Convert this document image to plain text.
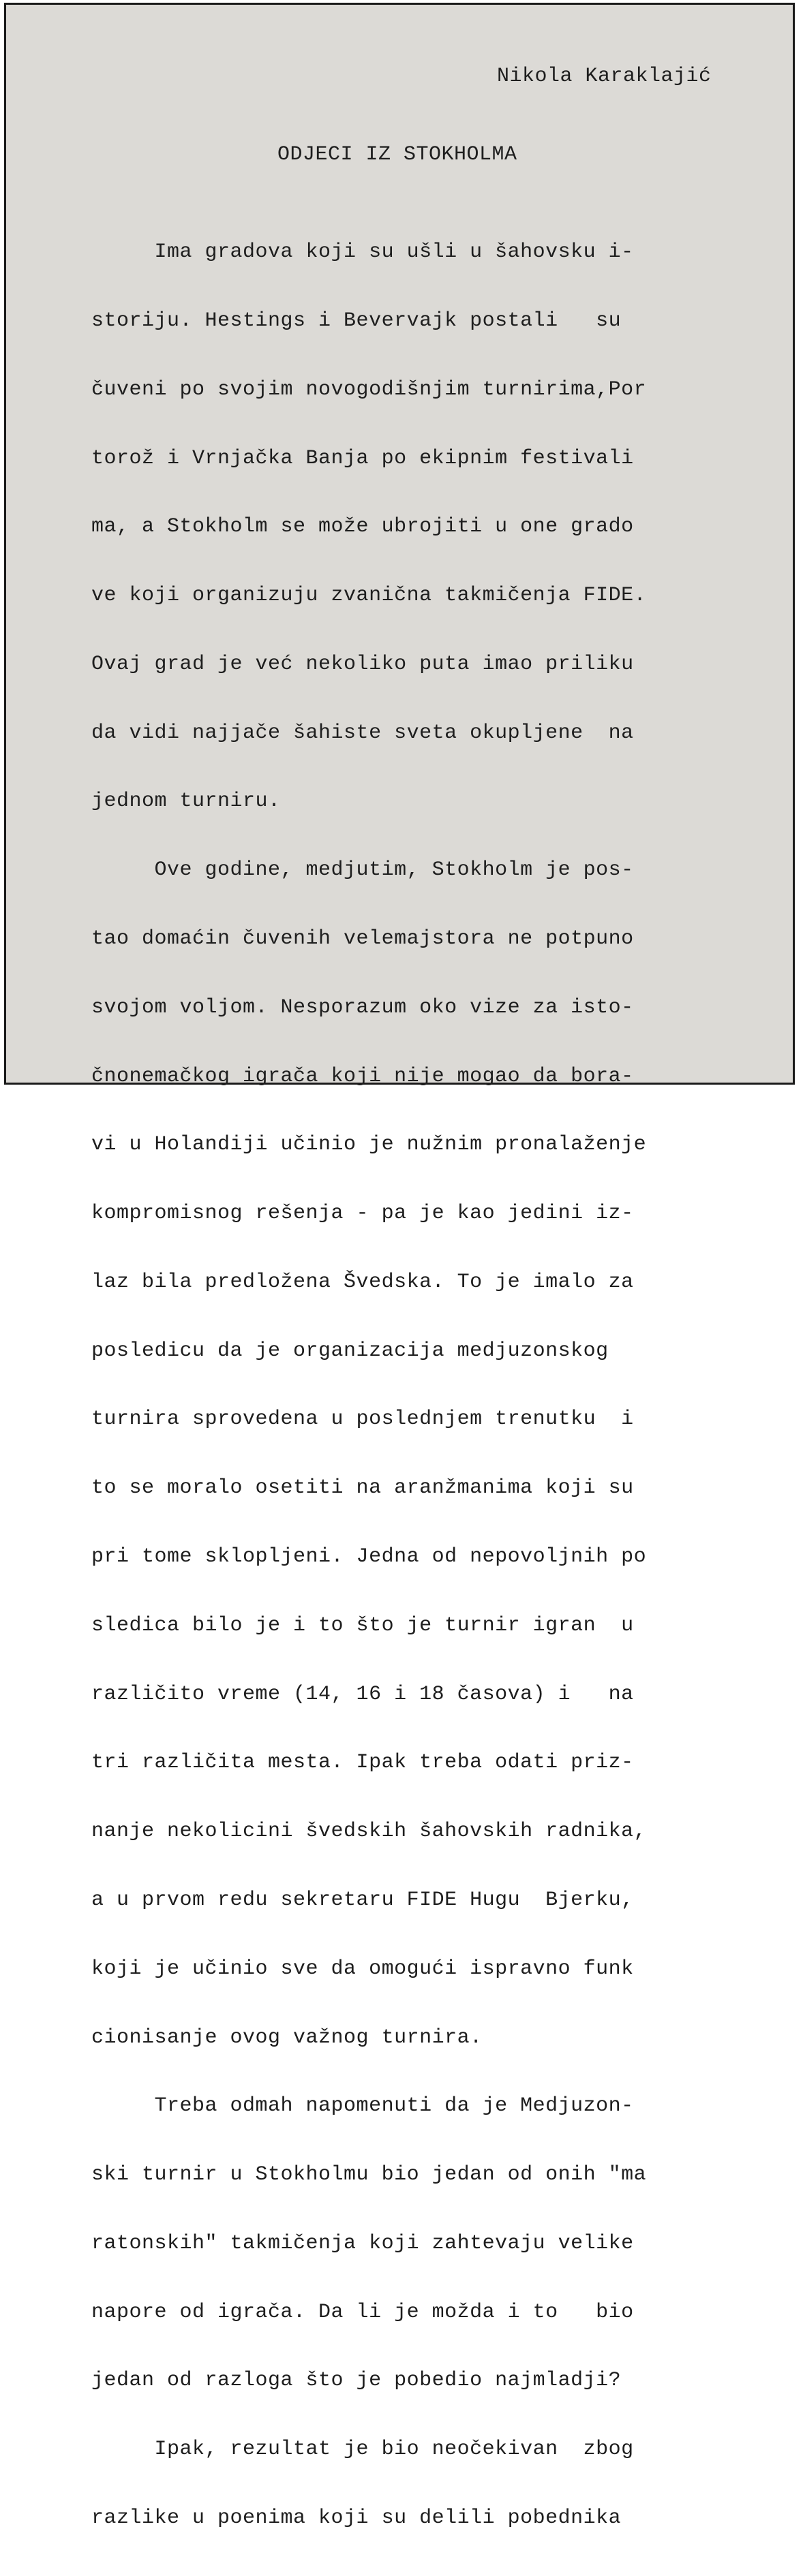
Nikola Karaklajić
ODJECI IZ STOKHOLMA

Ima gradova koji su ušli u šahovsku i-

storiju. Hestings i Bevervajk postali   su

čuveni po svojim novogodišnjim turnirima,Por

torož i Vrnjačka Banja po ekipnim festivali

ma, a Stokholm se može ubrojiti u one grado

ve koji organizuju zvanična takmičenja FIDE.

Ovaj grad je već nekoliko puta imao priliku

da vidi najjače šahiste sveta okupljene  na

jednom turniru.

Ove godine, medjutim, Stokholm je pos-

tao domaćin čuvenih velemajstora ne potpuno

svojom voljom. Nesporazum oko vize za isto-

čnonemačkog igrača koji nije mogao da bora-

vi u Holandiji učinio je nužnim pronalaženje

kompromisnog rešenja - pa je kao jedini iz-

laz bila predložena Švedska. To je imalo za

posledicu da je organizacija medjuzonskog

turnira sprovedena u poslednjem trenutku  i

to se moralo osetiti na aranžmanima koji su

pri tome sklopljeni. Jedna od nepovoljnih po

sledica bilo je i to što je turnir igran  u

različito vreme (14, 16 i 18 časova) i   na

tri različita mesta. Ipak treba odati priz-

nanje nekolicini švedskih šahovskih radnika,

a u prvom redu sekretaru FIDE Hugu  Bjerku,

koji je učinio sve da omogući ispravno funk

cionisanje ovog važnog turnira.

Treba odmah napomenuti da je Medjuzon-

ski turnir u Stokholmu bio jedan od onih "ma

ratonskih" takmičenja koji zahtevaju velike

napore od igrača. Da li je možda i to   bio

jedan od razloga što je pobedio najmladji?

Ipak, rezultat je bio neočekivan  zbog

razlike u poenima koji su delili pobednika
